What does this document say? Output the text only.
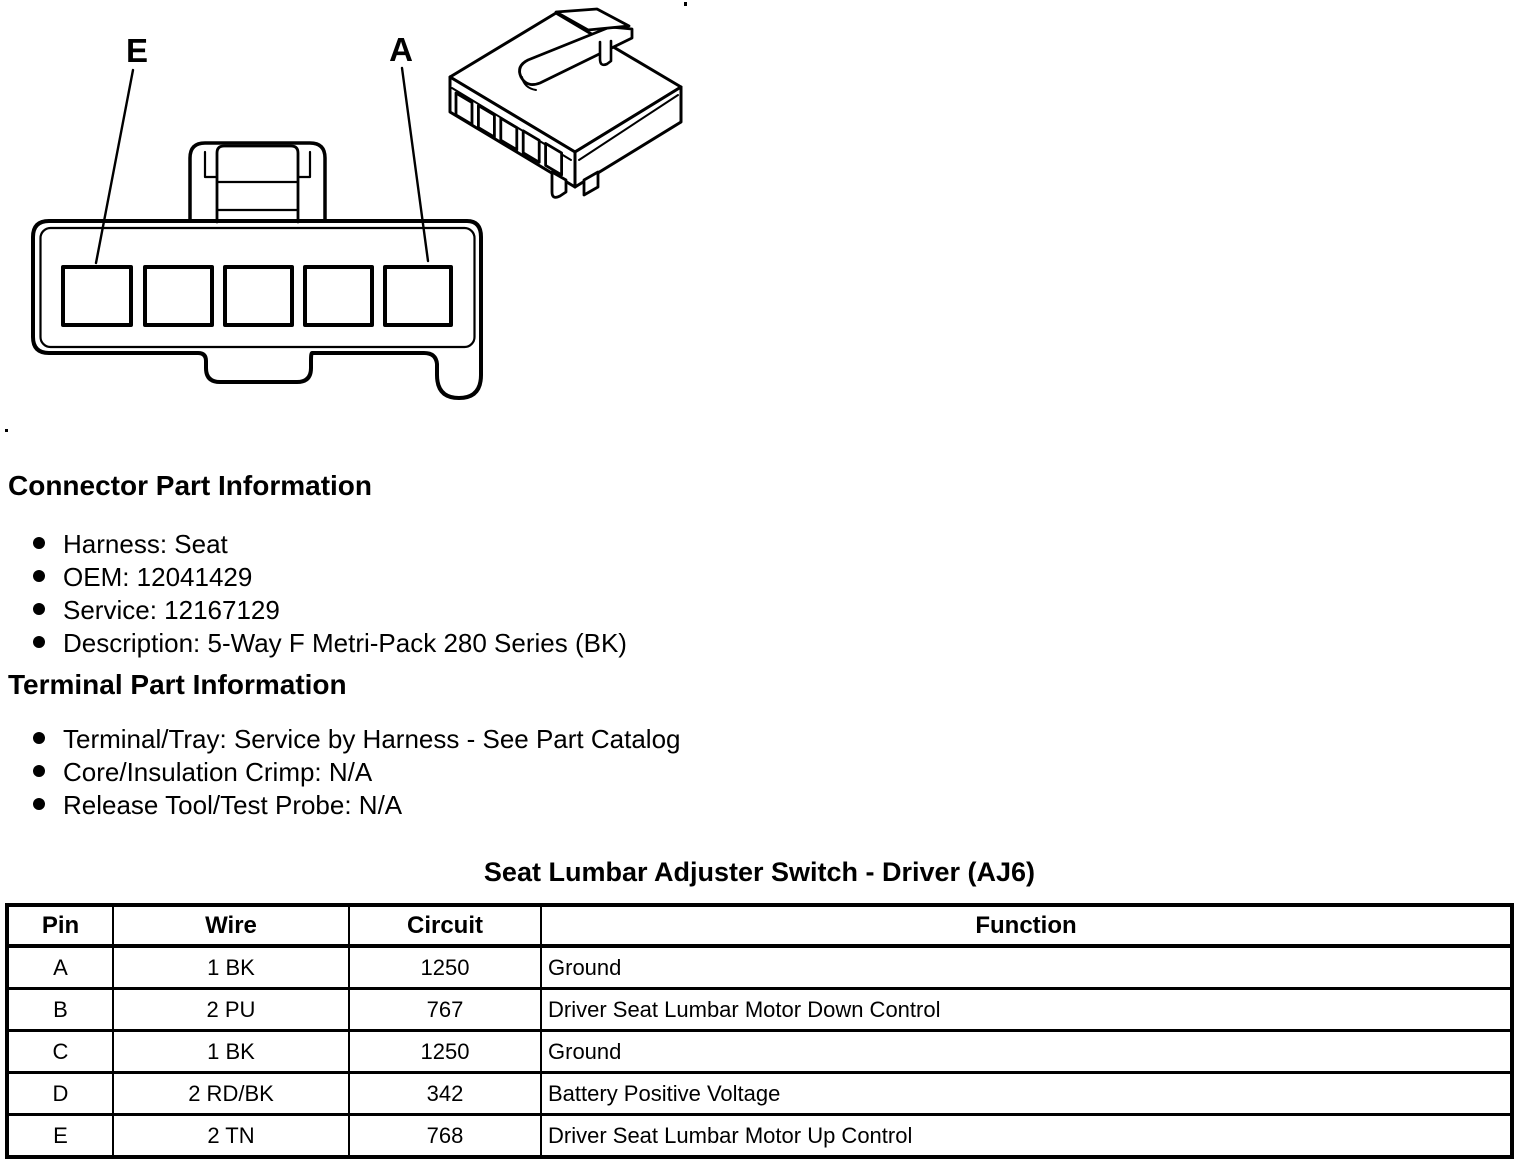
E	A
Connector Part Information
Harness: Seat
OEM: 12041429
Service: 12167129
Description: 5-Way F Metri-Pack 280 Series (BK)
Terminal Part Information
Terminal/Tray: Service by Harness - See Part Catalog
Core/Insulation Crimp: N/A
Release Tool/Test Probe: N/A
Seat Lumbar Adjuster Switch - Driver (AJ6)
Pin	Wire	Circuit	Function
A	1 BK	1250	Ground
B	2 PU	767	Driver Seat Lumbar Motor Down Control
C	1 BK	1250	Ground
D	2 RD/BK	342	Battery Positive Voltage
E	2 TN	768	Driver Seat Lumbar Motor Up Control
